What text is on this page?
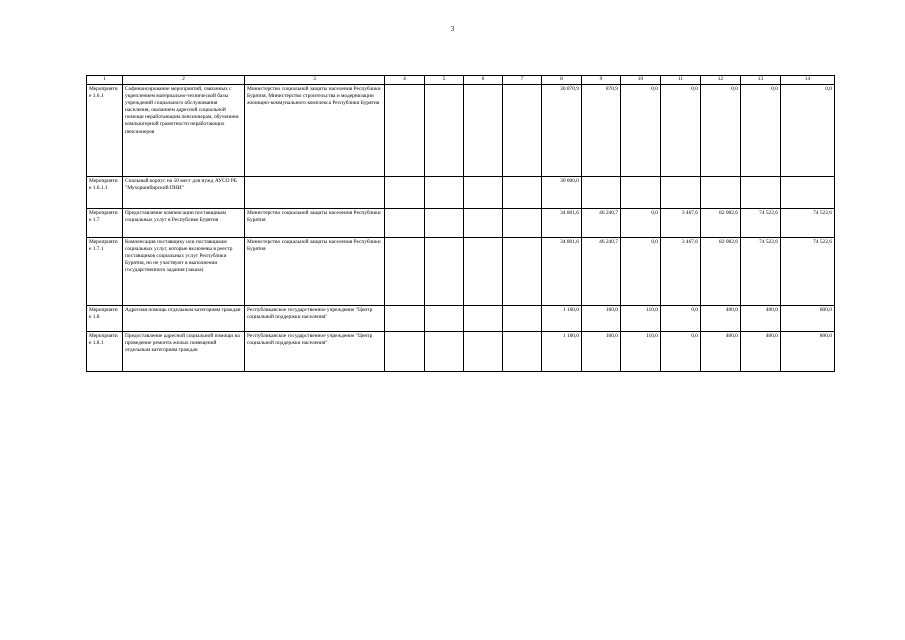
3
1	2	3	4	5	6	7	8	9	10	11	12	13	14
Мероприятие 1.6.1	Софинансирование мероприятий, связанных с укреплением материально-технической базы учреждений социального обслуживания населения, оказанием адресной социальной помощи неработающим пенсионерам, обучением компьютерной грамотности неработающих пенсионеров	Министерство социальной защиты населения Республики Бурятия, Министерство строительства и модернизации жилищно-коммунального комплекса Республики Бурятия					30 870,9	870,9	0,0	0,0	0,0	0,0	0,0
Мероприятие 1.6.1.1	Спальный корпус на 50 мест для нужд АУСО РБ "Мухоршибирский ПНИ"						30 000,0						
Мероприятие 1.7	Предоставление компенсации поставщикам социальных услуг в Республике Бурятия	Министерство социальной защиты населения Республики Бурятия					34 801,6	46 240,7	0,0	3 467,6	82 082,6	74 522,6	74 522,6
Мероприятие 1.7.1	Компенсация поставщику или поставщикам социальных услуг, которые включены в реестр поставщиков социальных услуг Республики Бурятия, но не участвуют в выполнении государственного задания (заказа)	Министерство социальной защиты населения Республики Бурятия					34 801,6	46 240,7	0,0	3 467,6	82 082,6	74 522,6	74 522,6
Мероприятие 1.8	Адресная помощь отдельным категориям граждан	Республиканское государственное учреждение "Центр социальной поддержки населения"					1 160,0	160,0	110,0	0,0	400,0	400,0	800,0
Мероприятие 1.8.1	Предоставление адресной социальной помощи на проведение ремонта жилых помещений отдельным категориям граждан	Республиканское государственное учреждение "Центр социальной поддержки населения"					1 160,0	160,0	110,0	0,0	400,0	400,0	800,0
